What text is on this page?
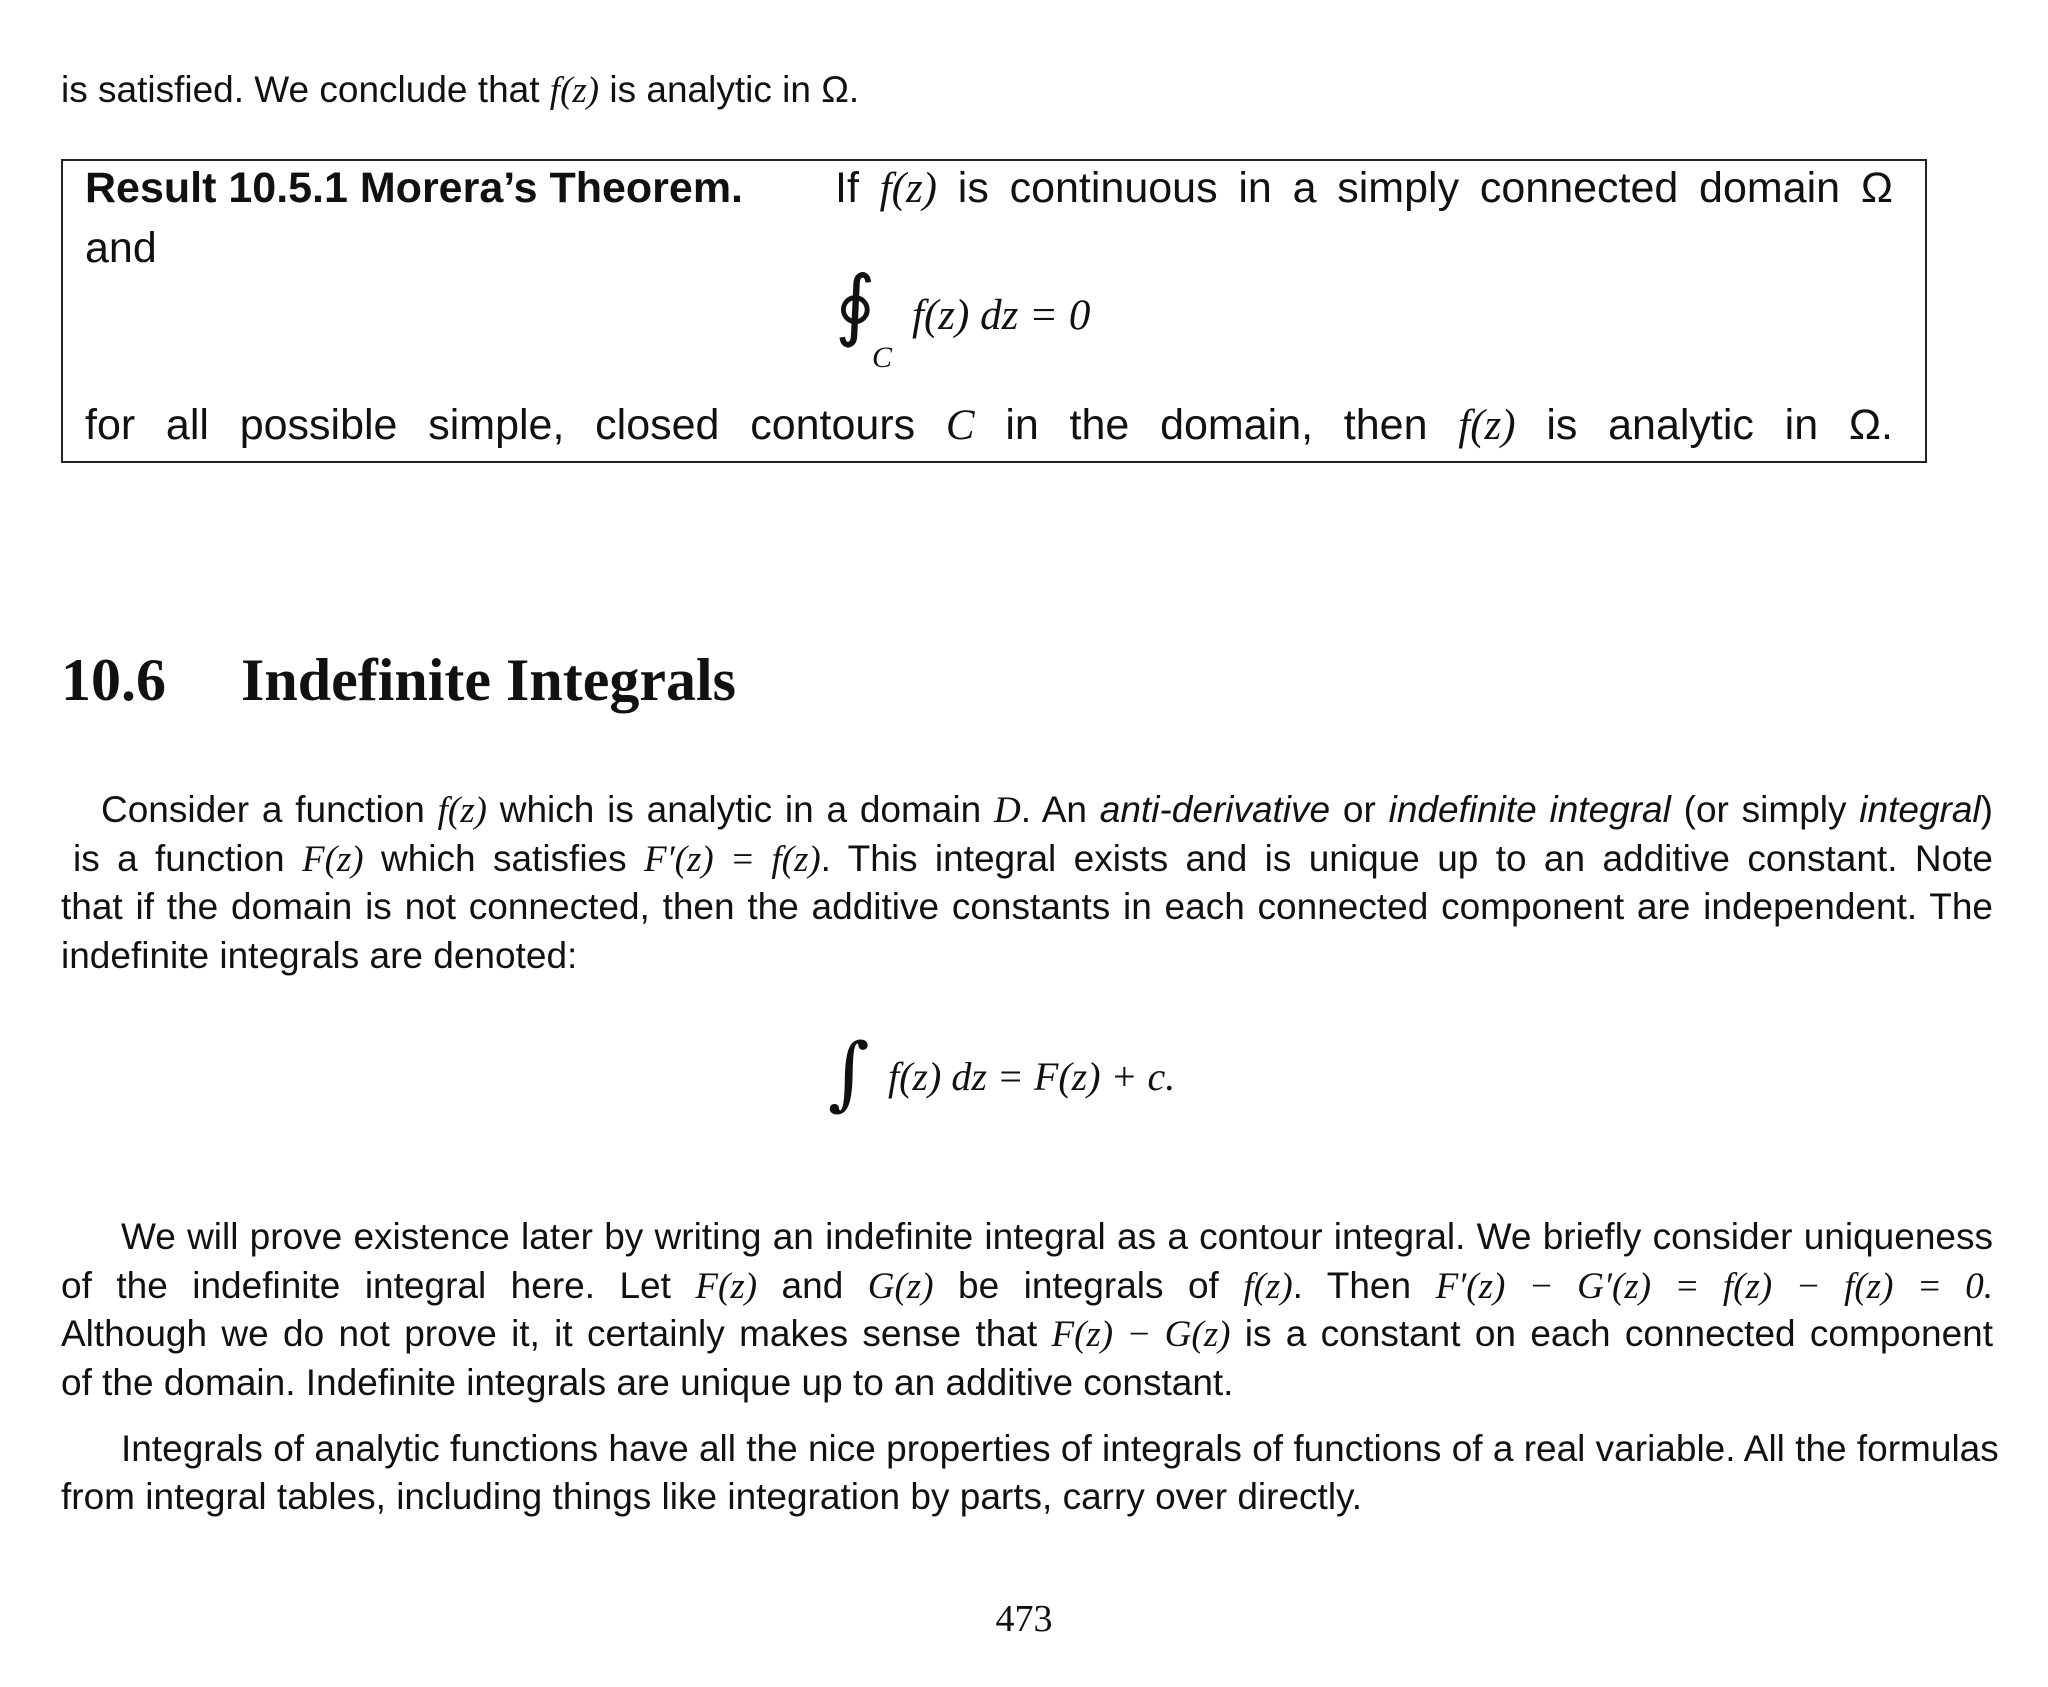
is satisfied. We conclude that f(z) is analytic in Ω.
Result 10.5.1 Morera’s Theorem. If f(z) is continuous in a simply connected domain Ω
and
∮
C
f(z) dz = 0
for all possible simple, closed contours C in the domain, then f(z) is analytic in Ω.
10.6 Indefinite Integrals
Consider a function f(z) which is analytic in a domain D. An anti-derivative or indefinite integral (or simply integral)
is a function F(z) which satisfies F′(z) = f(z). This integral exists and is unique up to an additive constant. Note
that if the domain is not connected, then the additive constants in each connected component are independent. The
indefinite integrals are denoted:
∫ f(z) dz = F(z) + c.
We will prove existence later by writing an indefinite integral as a contour integral. We briefly consider uniqueness
of the indefinite integral here. Let F(z) and G(z) be integrals of f(z). Then F′(z) − G′(z) = f(z) − f(z) = 0.
Although we do not prove it, it certainly makes sense that F(z) − G(z) is a constant on each connected component
of the domain. Indefinite integrals are unique up to an additive constant.
Integrals of analytic functions have all the nice properties of integrals of functions of a real variable. All the formulas
from integral tables, including things like integration by parts, carry over directly.
473
